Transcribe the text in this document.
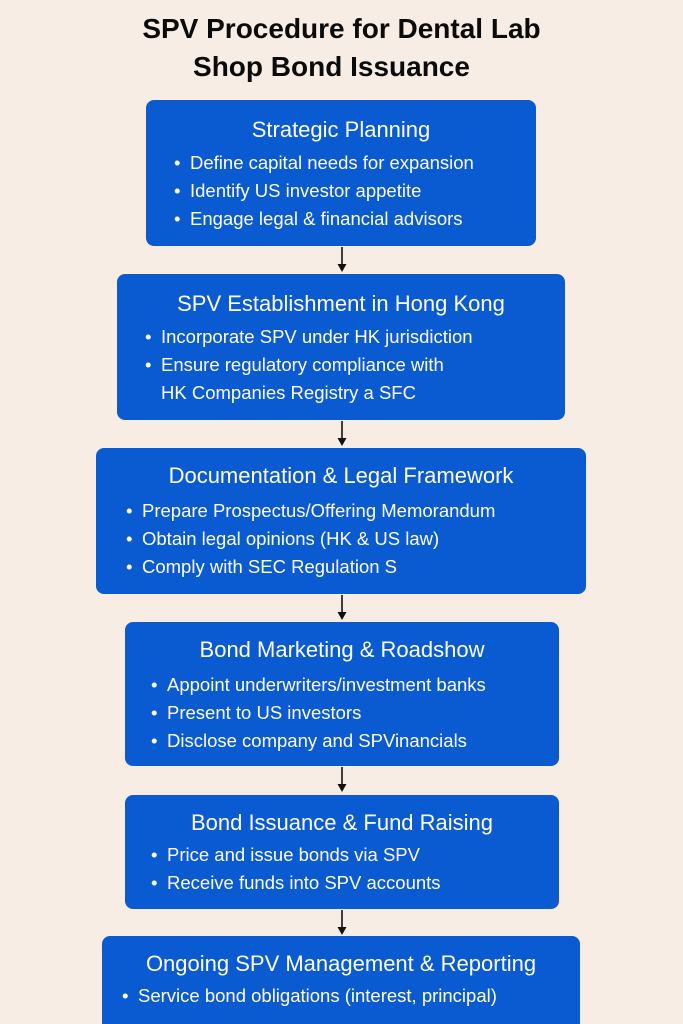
SPV Procedure for Dental Lab
Shop Bond Issuance
Strategic Planning
• Define capital needs for expansion
• Identify US investor appetite
• Engage legal & financial advisors
SPV Establishment in Hong Kong
• Incorporate SPV under HK jurisdiction
• Ensure regulatory compliance with
HK Companies Registry a SFC
Documentation & Legal Framework
• Prepare Prospectus/Offering Memorandum
• Obtain legal opinions (HK & US law)
• Comply with SEC Regulation S
Bond Marketing & Roadshow
• Appoint underwriters/investment banks
• Present to US investors
• Disclose company and SPVinancials
Bond Issuance & Fund Raising
• Price and issue bonds via SPV
• Receive funds into SPV accounts
Ongoing SPV Management & Reporting
• Service bond obligations (interest, principal)
